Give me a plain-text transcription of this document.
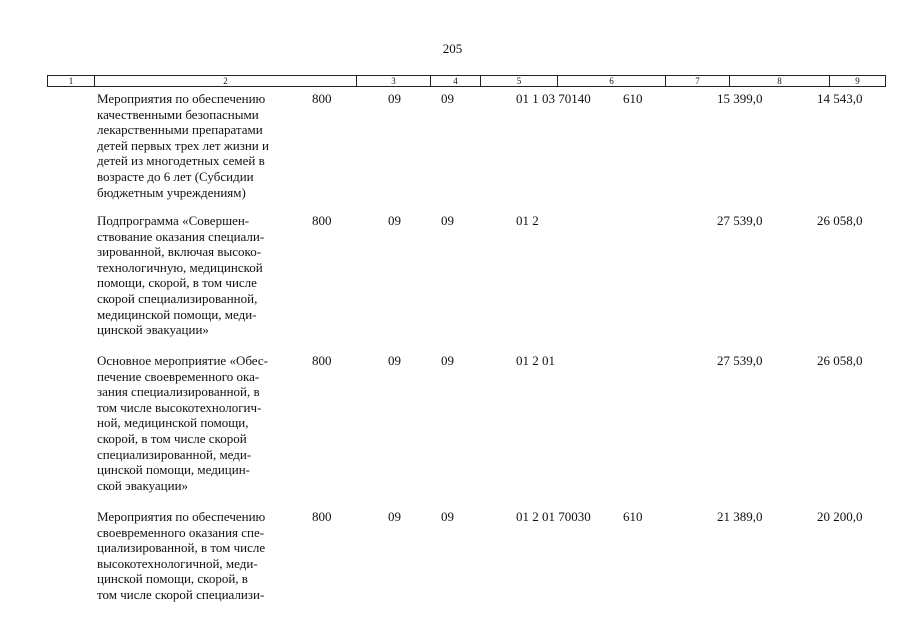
205
1	2	3	4	5	6	7	8	9
Мероприятия по обеспечению
качественными безопасными
лекарственными препаратами
детей первых трех лет жизни и
детей из многодетных семей в
возрасте до 6 лет (Субсидии
бюджетным учреждениям)
800	09	09	01 1 03 70140 610	15 399,0	14 543,0
Подпрограмма «Совершен-
ствование оказания специали-
зированной, включая высоко-
технологичную, медицинской
помощи, скорой, в том числе
скорой специализированной,
медицинской помощи, меди-
цинской эвакуации»
800	09	09	01 2	27 539,0	26 058,0
Основное мероприятие «Обес-
печение своевременного ока-
зания специализированной, в
том числе высокотехнологич-
ной, медицинской помощи,
скорой, в том числе скорой
специализированной, меди-
цинской помощи, медицин-
ской эвакуации»
800	09	09	01 2 01	27 539,0	26 058,0
Мероприятия по обеспечению
своевременного оказания спе-
циализированной, в том числе
высокотехнологичной, меди-
цинской помощи, скорой, в
том числе скорой специализи-
800	09	09	01 2 01 70030 610	21 389,0	20 200,0
